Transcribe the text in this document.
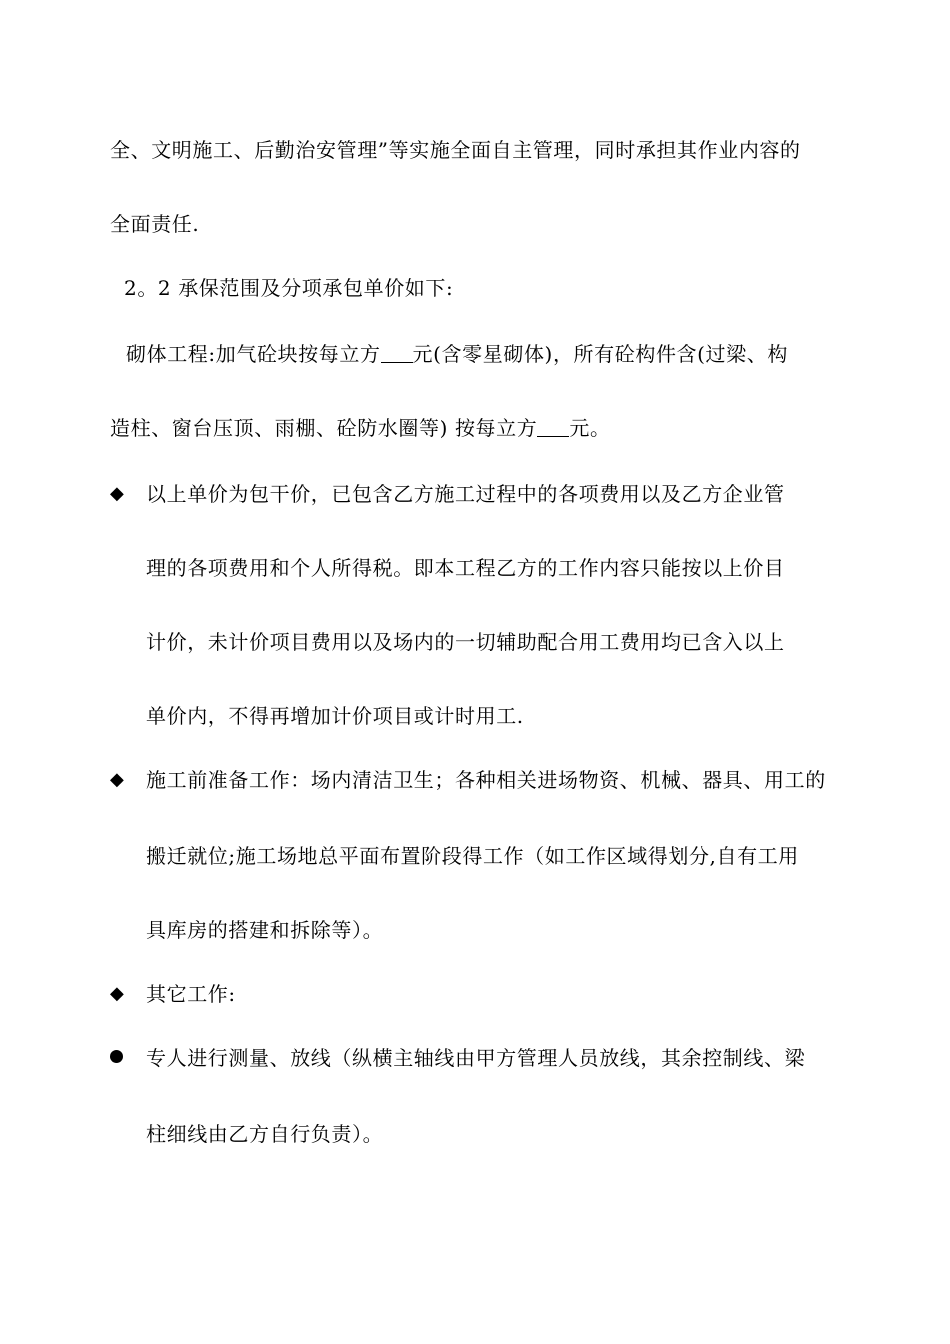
全、文明施工、后勤治安管理”等实施全面自主管理，同时承担其作业内容的
全面责任.
2。2 承保范围及分项承包单价如下:
砌体工程:加气砼块按每立方 元(含零星砌体)，所有砼构件含(过梁、构
造柱、窗台压顶、雨棚、砼防水圈等) 按每立方 元。
◆ 以上单价为包干价，已包含乙方施工过程中的各项费用以及乙方企业管
理的各项费用和个人所得税。即本工程乙方的工作内容只能按以上价目
计价，未计价项目费用以及场内的一切辅助配合用工费用均已含入以上
单价内，不得再增加计价项目或计时用工.
◆ 施工前准备工作：场内清洁卫生；各种相关进场物资、机械、器具、用工的
搬迁就位;施工场地总平面布置阶段得工作（如工作区域得划分,自有工用
具库房的搭建和拆除等）。
◆ 其它工作:
专人进行测量、放线（纵横主轴线由甲方管理人员放线，其余控制线、梁
柱细线由乙方自行负责）。
